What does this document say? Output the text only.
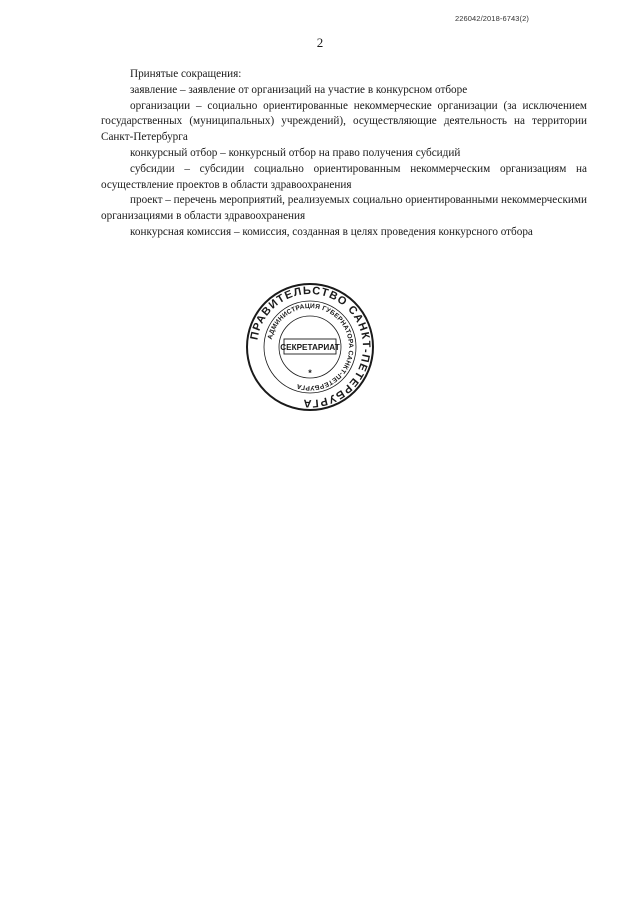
226042/2018-6743(2)
2

Принятые сокращения:

заявление – заявление от организаций на участие в конкурсном отборе

организации – социально ориентированные некоммерческие организации (за исключением государственных (муниципальных) учреждений), осуществляющие деятельность на территории Санкт-Петербурга

конкурсный отбор – конкурсный отбор на право получения субсидий

субсидии – субсидии социально ориентированным некоммерческим организациям на осуществление проектов в области здравоохранения

проект – перечень мероприятий, реализуемых социально ориентированными некоммерческими организациями в области здравоохранения

конкурсная комиссия – комиссия, созданная в целях проведения конкурсного отбора

ПРАВИТЕЛЬСТВО САНКТ-ПЕТЕРБУРГА
АДМИНИСТРАЦИЯ ГУБЕРНАТОРА САНКТ-ПЕТЕРБУРГА
СЕКРЕТАРИАТ
*
